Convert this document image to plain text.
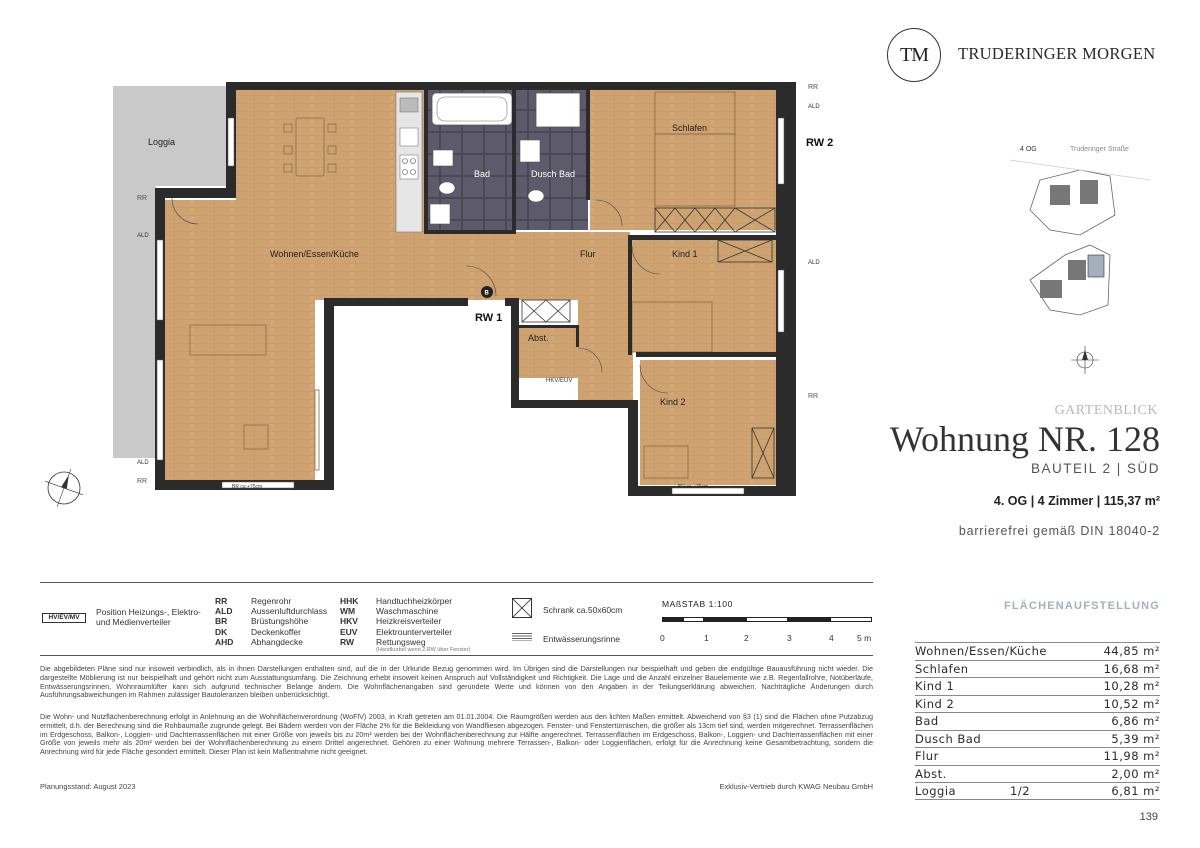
Loggia
Wohnen/Essen/Küche
Bad	Dusch Bad
Schlafen
Flur	Kind 1
Kind 2
Abst.
RW 1
RW 2
B
RR
RR
RR
RR
ALD
ALD
ALD
ALD
WM
HKV/EUV
BR ca.+75cm	BR ca.+75cm
TM TRUDERINGER MORGEN
4 OG	Truderinger Straße
GARTENBLICK
Wohnung NR. 128
BAUTEIL 2 | SÜD
4. OG | 4 Zimmer | 115,37 m²
barrierefrei gemäß DIN 18040-2
FLÄCHENAUFSTELLUNG
Wohnen/Essen/Küche	44,85 m²
Schlafen	16,68 m²
Kind 1	10,28 m²
Kind 2	10,52 m²
Bad	6,86 m²
Dusch Bad	5,39 m²
Flur	11,98 m²
Abst.	2,00 m²
Loggia	1/2	6,81 m²
139
HV/EV/MV
Position Heizungs-, Elektro- und Medienverteiler
RR	Regenrohr
ALD	Aussenluftdurchlass
BR	Brüstungshöhe
DK	Deckenkoffer
AHD	Abhangdecke
HHK	Handtuchheizkörper
WM	Waschmaschine
HKV	Heizkreisverteiler
EUV	Elektrounterverteiler
RW	Rettungsweg
(Handkurbel wenn 2.RW über Fenster)
Schrank ca.50x60cm
Entwässerungsrinne
MAßSTAB 1:100
0	1	2	3	4	5 m
Die abgebildeten Pläne sind nur insoweit verbindlich, als in ihnen Darstellungen enthalten sind, auf die in der Urkunde Bezug genommen wird. Im Übrigen sind die Darstellungen nur beispielhaft und geben die endgültige Bauausführung nicht wieder. Die dargestellte Möblierung ist nur beispielhaft und gehört nicht zum Ausstattungsumfang. Die Zeichnung erhebt insoweit keinen Anspruch auf Vollständigkeit und Richtigkeit. Die Lage und die Anzahl einzelner Bauelemente wie z.B. Regenfallrohre, Notüberläufe, Entwässerungsrinnen, Wohnraumlüfter kann sich aufgrund technischer Belange ändern. Die Wohnflächenangaben sind gerundete Werte und können von den Angaben in der Teilungserklärung abweichen. Nachträgliche Änderungen durch Ausführungsabweichungen im Rahmen zulässiger Bautoleranzen bleiben unberücksichtigt.
Die Wohn- und Nutzflächenberechnung erfolgt in Anlehnung an die Wohnflächenverordnung (WoFlV) 2003, in Kraft getreten am 01.01.2004. Die Raumgrößen werden aus den lichten Maßen ermittelt. Abweichend von §3 (1) sind die Flächen ohne Putzabzug ermittelt, d.h. der Berechnung sind die Rohbaumaße zugrunde gelegt. Bei Bädern werden von der Fläche 2% für die Bekleidung von Wandfliesen abgezogen. Fenster- und Fenstertürnischen, die größer als 13cm tief sind, werden mitgerechnet. Terrassenflächen im Erdgeschoss, Balkon-, Loggien- und Dachterrassenflächen mit einer Größe von jeweils bis zu 20m² werden bei der Wohnflächenberechnung zur Hälfte angerechnet. Terrassenflächen im Erdgeschoss, Balkon-, Loggien- und Dachterrassenflächen mit einer Größe von jeweils mehr als 20m² werden bei der Wohnflächenberechnung zu einem Drittel angerechnet. Gehören zu einer Wohnung mehrere Terrassen-, Balkon- oder Loggienflächen, erfolgt für die Anrechnung keine Gesamtbetrachtung, sondern die Anrechnung wird für jede Fläche gesondert ermittelt. Dieser Plan ist kein Maßentnahme nicht geeignet.
Planungsstand: August 2023	Exklusiv-Vertrieb durch KWAG Neubau GmbH
